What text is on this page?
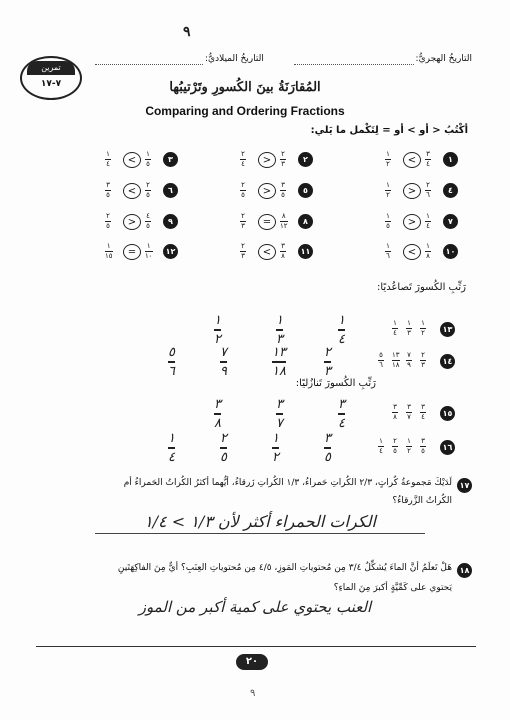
٩
التاريخُ الهجريُّ:
التاريخُ الميلاديُّ:
تمرين
٧-١٧	المُقارَنَةُ بينَ الكُسورِ وتَرْتيبُها
Comparing and Ordering Fractions
أكْتُبُ < أو > أو = لِتَكْمل ما يَلي:
١
٣
٤
<
١
٢
٢
٢
٣
>
٢
٤
٣
١
٥
<
١
٤
٤
٢
٦
>
١
٢
٥
٣
٥
>
٢
٥
٦
٢
٥
<
٣
٥
٧
١
٤
>
١
٥
٨
٨
١٢
=
٢
٣
٩
٤
٥
>
٢
٥
١٠
١
٨
<
١
٦
١١
٣
٨
<
٢
٣
١٢
١
١٠
=
١
١٥
رَتِّبِ الكُسورَ تَصاعُديًا:
رَتِّبِ الكُسورَ تَنازُليًا:
١٣
١
٢
١
٣
١
٤
١
٤
١
٣
١
٢
١٤
٢
٣
٧
٩
١٣
١٨
٥
٦
٢
٣
١٣
١٨
٧
٩
٥
٦
١٥
٣
٤
٣
٧
٣
٨
٣
٤
٣
٧
٣
٨
١٦
٣
٥
١
٢
٢
٥
١
٤
٣
٥
١
٢
٢
٥
١
٤
١٧
لَدَيْكَ مَجموعةُ كُراتٍ، ٢/٣ الكُراتِ حَمراءُ، ١/٣ الكُراتِ زَرقاءُ، أيُّهما أكثرُ الكُراتُ الحَمراءُ أم
الكُراتُ الزَّرقاءُ؟
الكرات الحمراء أكثر لأن ١/٣ > ١/٤
١٨
هَلْ تَعلَمُ أنَّ الماءَ يُشكِّلُ ٣/٤ مِن مُحتوياتِ المَوزِ، ٤/٥ مِن مُحتوياتِ العِنَبِ؟ أيٌّ مِنَ الفاكِهَتَينِ
يَحتوي على كَمِّيَّةٍ أكبرَ مِنَ الماءِ؟
العنب يحتوي على كمية أكبر من الموز
٢٠
٩
